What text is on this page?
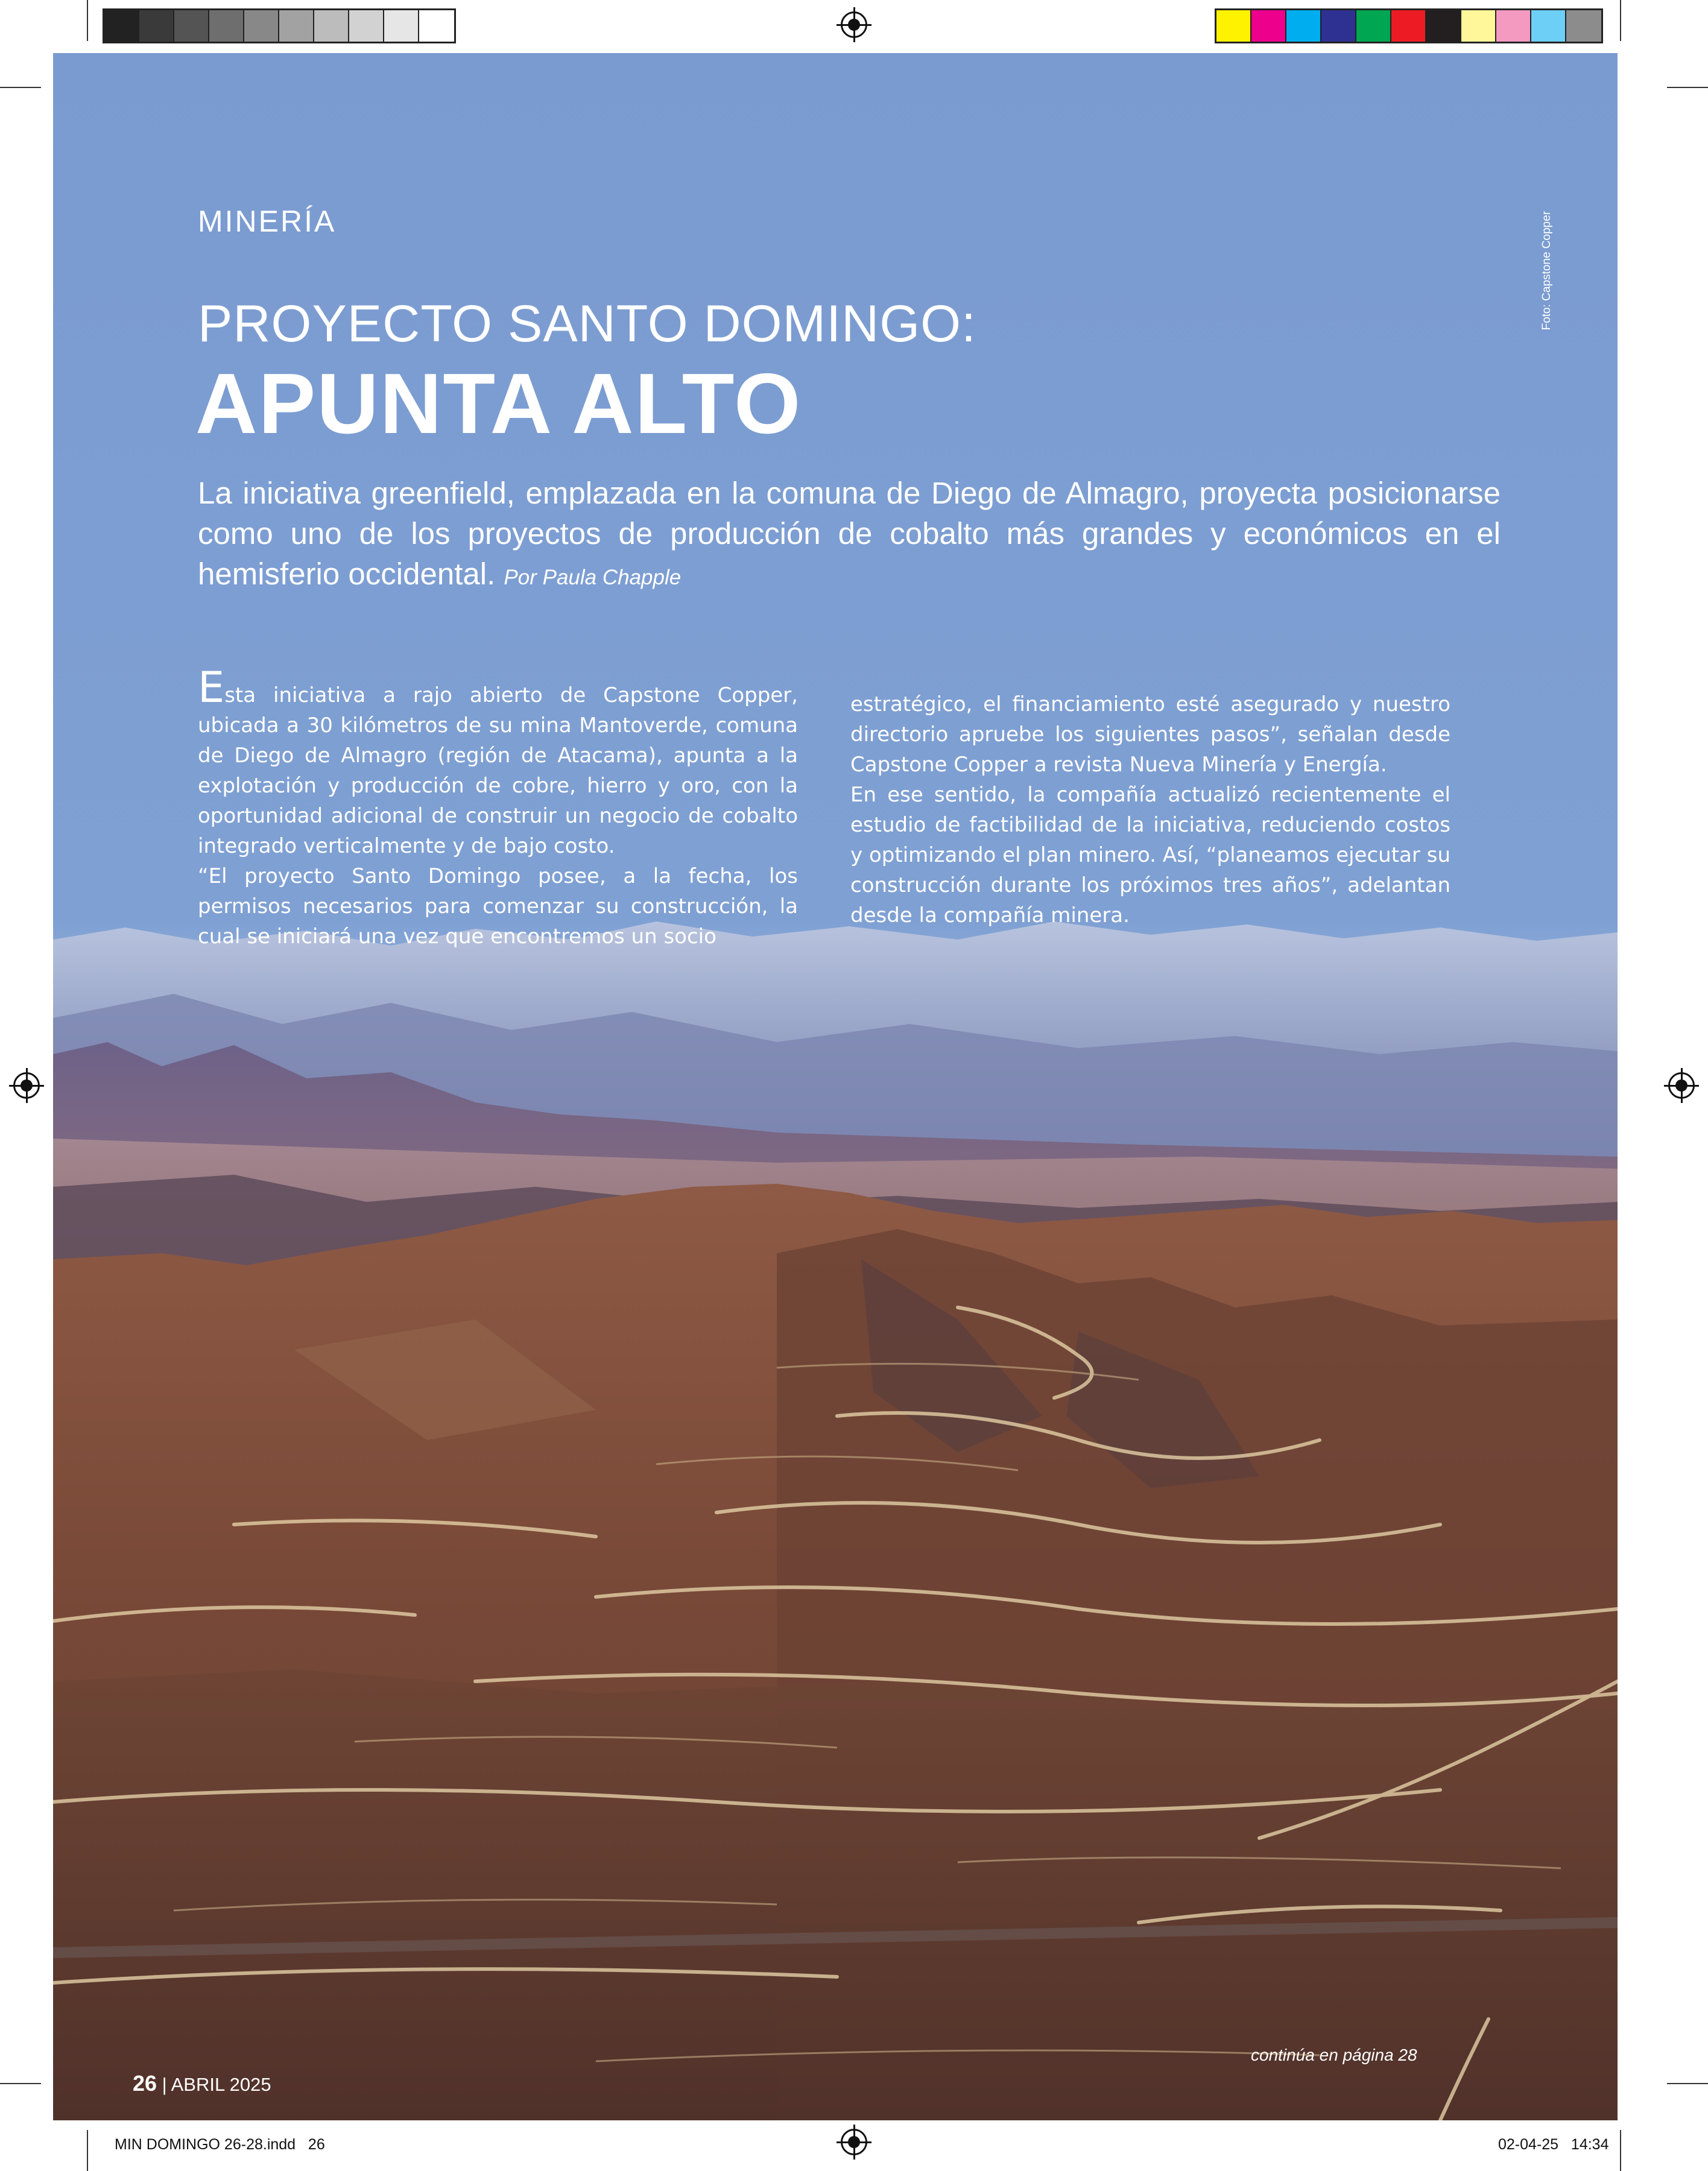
MINERÍA
PROYECTO SANTO DOMINGO:
APUNTA ALTO
La iniciativa greenfield, emplazada en la comuna de Diego de Almagro, proyecta posicionarse como uno de los proyectos de producción de cobalto más grandes y económicos en el hemisferio occidental. Por Paula Chapple
Foto: Capstone Copper

Esta iniciativa a rajo abierto de Capstone Copper, ubicada a 30 kilómetros de su mina Mantoverde, comuna de Diego de Almagro (región de Atacama), apunta a la explotación y producción de cobre, hierro y oro, con la oportunidad adicional de construir un negocio de cobalto integrado verticalmente y de bajo costo.

“El proyecto Santo Domingo posee, a la fecha, los permisos necesarios para comenzar su construcción, la cual se iniciará una vez que encontremos un socio

estratégico, el financiamiento esté asegurado y nuestro directorio apruebe los siguientes pasos”, señalan desde Capstone Copper a revista Nueva Minería y Energía.

En ese sentido, la compañía actualizó recientemente el estudio de factibilidad de la iniciativa, reduciendo costos y optimizando el plan minero. Así, “planeamos ejecutar su construcción durante los próximos tres años”, adelantan desde la compañía minera.

continúa en página 28
26 | ABRIL 2025
MIN DOMINGO 26-28.indd   26	02-04-25   14:34
